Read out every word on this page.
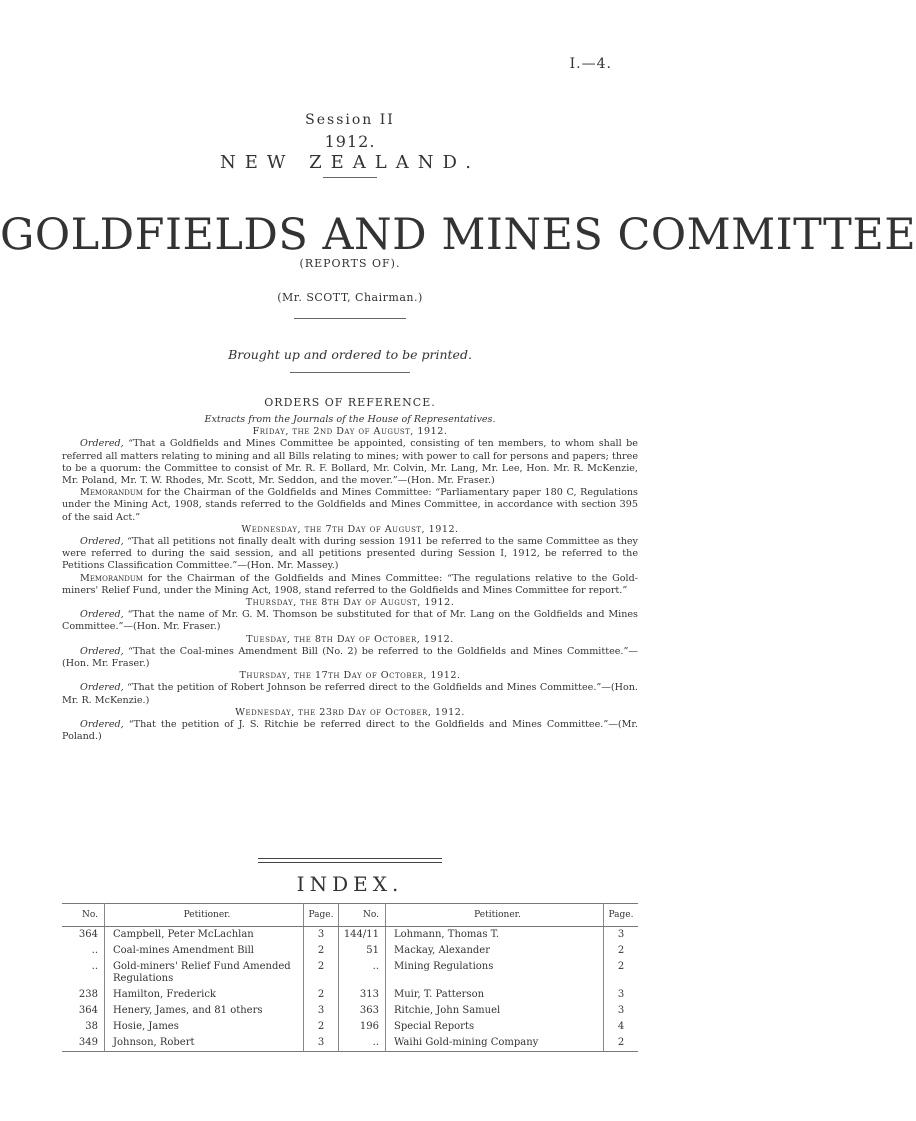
I.—4.
Session II
1912.
NEW ZEALAND.
GOLDFIELDS AND MINES COMMITTEE
(REPORTS OF).
(Mr. SCOTT, Chairman.)
Brought up and ordered to be printed.
ORDERS OF REFERENCE.

Extracts from the Journals of the House of Representatives.

Friday, the 2nd Day of August, 1912.

Ordered, “That a Goldfields and Mines Committee be appointed, consisting of ten members, to whom shall be referred all matters relating to mining and all Bills relating to mines; with power to call for persons and papers; three to be a quorum: the Committee to consist of Mr. R. F. Bollard, Mr. Colvin, Mr. Lang, Mr. Lee, Hon. Mr. R. McKenzie, Mr. Poland, Mr. T. W. Rhodes, Mr. Scott, Mr. Seddon, and the mover.”—(Hon. Mr. Fraser.)

Memorandum for the Chairman of the Goldfields and Mines Committee: “Parliamentary paper 180 C, Regulations under the Mining Act, 1908, stands referred to the Goldfields and Mines Committee, in accordance with section 395 of the said Act.”

Wednesday, the 7th Day of August, 1912.

Ordered, “That all petitions not finally dealt with during session 1911 be referred to the same Committee as they were referred to during the said session, and all petitions presented during Session I, 1912, be referred to the Petitions Classification Committee.”—(Hon. Mr. Massey.)

Memorandum for the Chairman of the Goldfields and Mines Committee: “The regulations relative to the Gold-miners' Relief Fund, under the Mining Act, 1908, stand referred to the Goldfields and Mines Committee for report.”

Thursday, the 8th Day of August, 1912.

Ordered, “That the name of Mr. G. M. Thomson be substituted for that of Mr. Lang on the Goldfields and Mines Committee.”—(Hon. Mr. Fraser.)

Tuesday, the 8th Day of October, 1912.

Ordered, “That the Coal-mines Amendment Bill (No. 2) be referred to the Goldfields and Mines Committee.”—(Hon. Mr. Fraser.)

Thursday, the 17th Day of October, 1912.

Ordered, “That the petition of Robert Johnson be referred direct to the Goldfields and Mines Committee.”—(Hon. Mr. R. McKenzie.)

Wednesday, the 23rd Day of October, 1912.

Ordered, “That the petition of J. S. Ritchie be referred direct to the Goldfields and Mines Committee.”—(Mr. Poland.)

INDEX.
No.	Petitioner.	Page.	No.	Petitioner.	Page.
364	Campbell, Peter McLachlan	3	144/11	Lohmann, Thomas T.	3
..	Coal-mines Amendment Bill	2	51	Mackay, Alexander	2
..	Gold-miners' Relief Fund Amended Regulations	2	..	Mining Regulations	2
238	Hamilton, Frederick	2	313	Muir, T. Patterson	3
364	Henery, James, and 81 others	3	363	Ritchie, John Samuel	3
38	Hosie, James	2	196	Special Reports	4
349	Johnson, Robert	3	..	Waihi Gold-mining Company	2
